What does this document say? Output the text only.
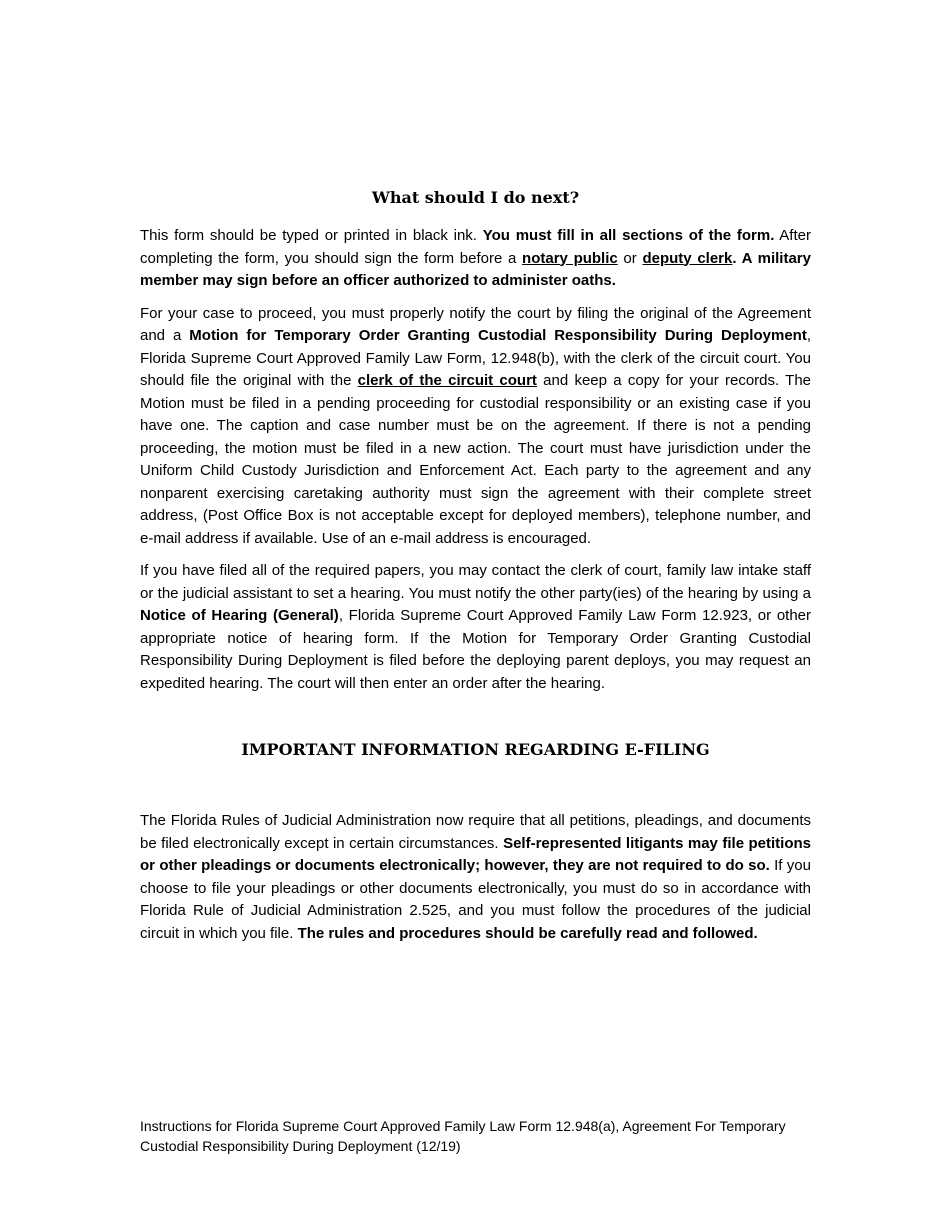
What should I do next?

This form should be typed or printed in black ink. You must fill in all sections of the form. After completing the form, you should sign the form before a notary public or deputy clerk. A military member may sign before an officer authorized to administer oaths.

For your case to proceed, you must properly notify the court by filing the original of the Agreement and a Motion for Temporary Order Granting Custodial Responsibility During Deployment, Florida Supreme Court Approved Family Law Form, 12.948(b), with the clerk of the circuit court. You should file the original with the clerk of the circuit court and keep a copy for your records. The Motion must be filed in a pending proceeding for custodial responsibility or an existing case if you have one. The caption and case number must be on the agreement. If there is not a pending proceeding, the motion must be filed in a new action. The court must have jurisdiction under the Uniform Child Custody Jurisdiction and Enforcement Act. Each party to the agreement and any nonparent exercising caretaking authority must sign the agreement with their complete street address, (Post Office Box is not acceptable except for deployed members), telephone number, and e-mail address if available. Use of an e-mail address is encouraged.

If you have filed all of the required papers, you may contact the clerk of court, family law intake staff or the judicial assistant to set a hearing. You must notify the other party(ies) of the hearing by using a Notice of Hearing (General), Florida Supreme Court Approved Family Law Form 12.923, or other appropriate notice of hearing form. If the Motion for Temporary Order Granting Custodial Responsibility During Deployment is filed before the deploying parent deploys, you may request an expedited hearing. The court will then enter an order after the hearing.

IMPORTANT INFORMATION REGARDING E-FILING

The Florida Rules of Judicial Administration now require that all petitions, pleadings, and documents be filed electronically except in certain circumstances. Self-represented litigants may file petitions or other pleadings or documents electronically; however, they are not required to do so. If you choose to file your pleadings or other documents electronically, you must do so in accordance with Florida Rule of Judicial Administration 2.525, and you must follow the procedures of the judicial circuit in which you file. The rules and procedures should be carefully read and followed.

Instructions for Florida Supreme Court Approved Family Law Form 12.948(a), Agreement For Temporary
Custodial Responsibility During Deployment (12/19)
